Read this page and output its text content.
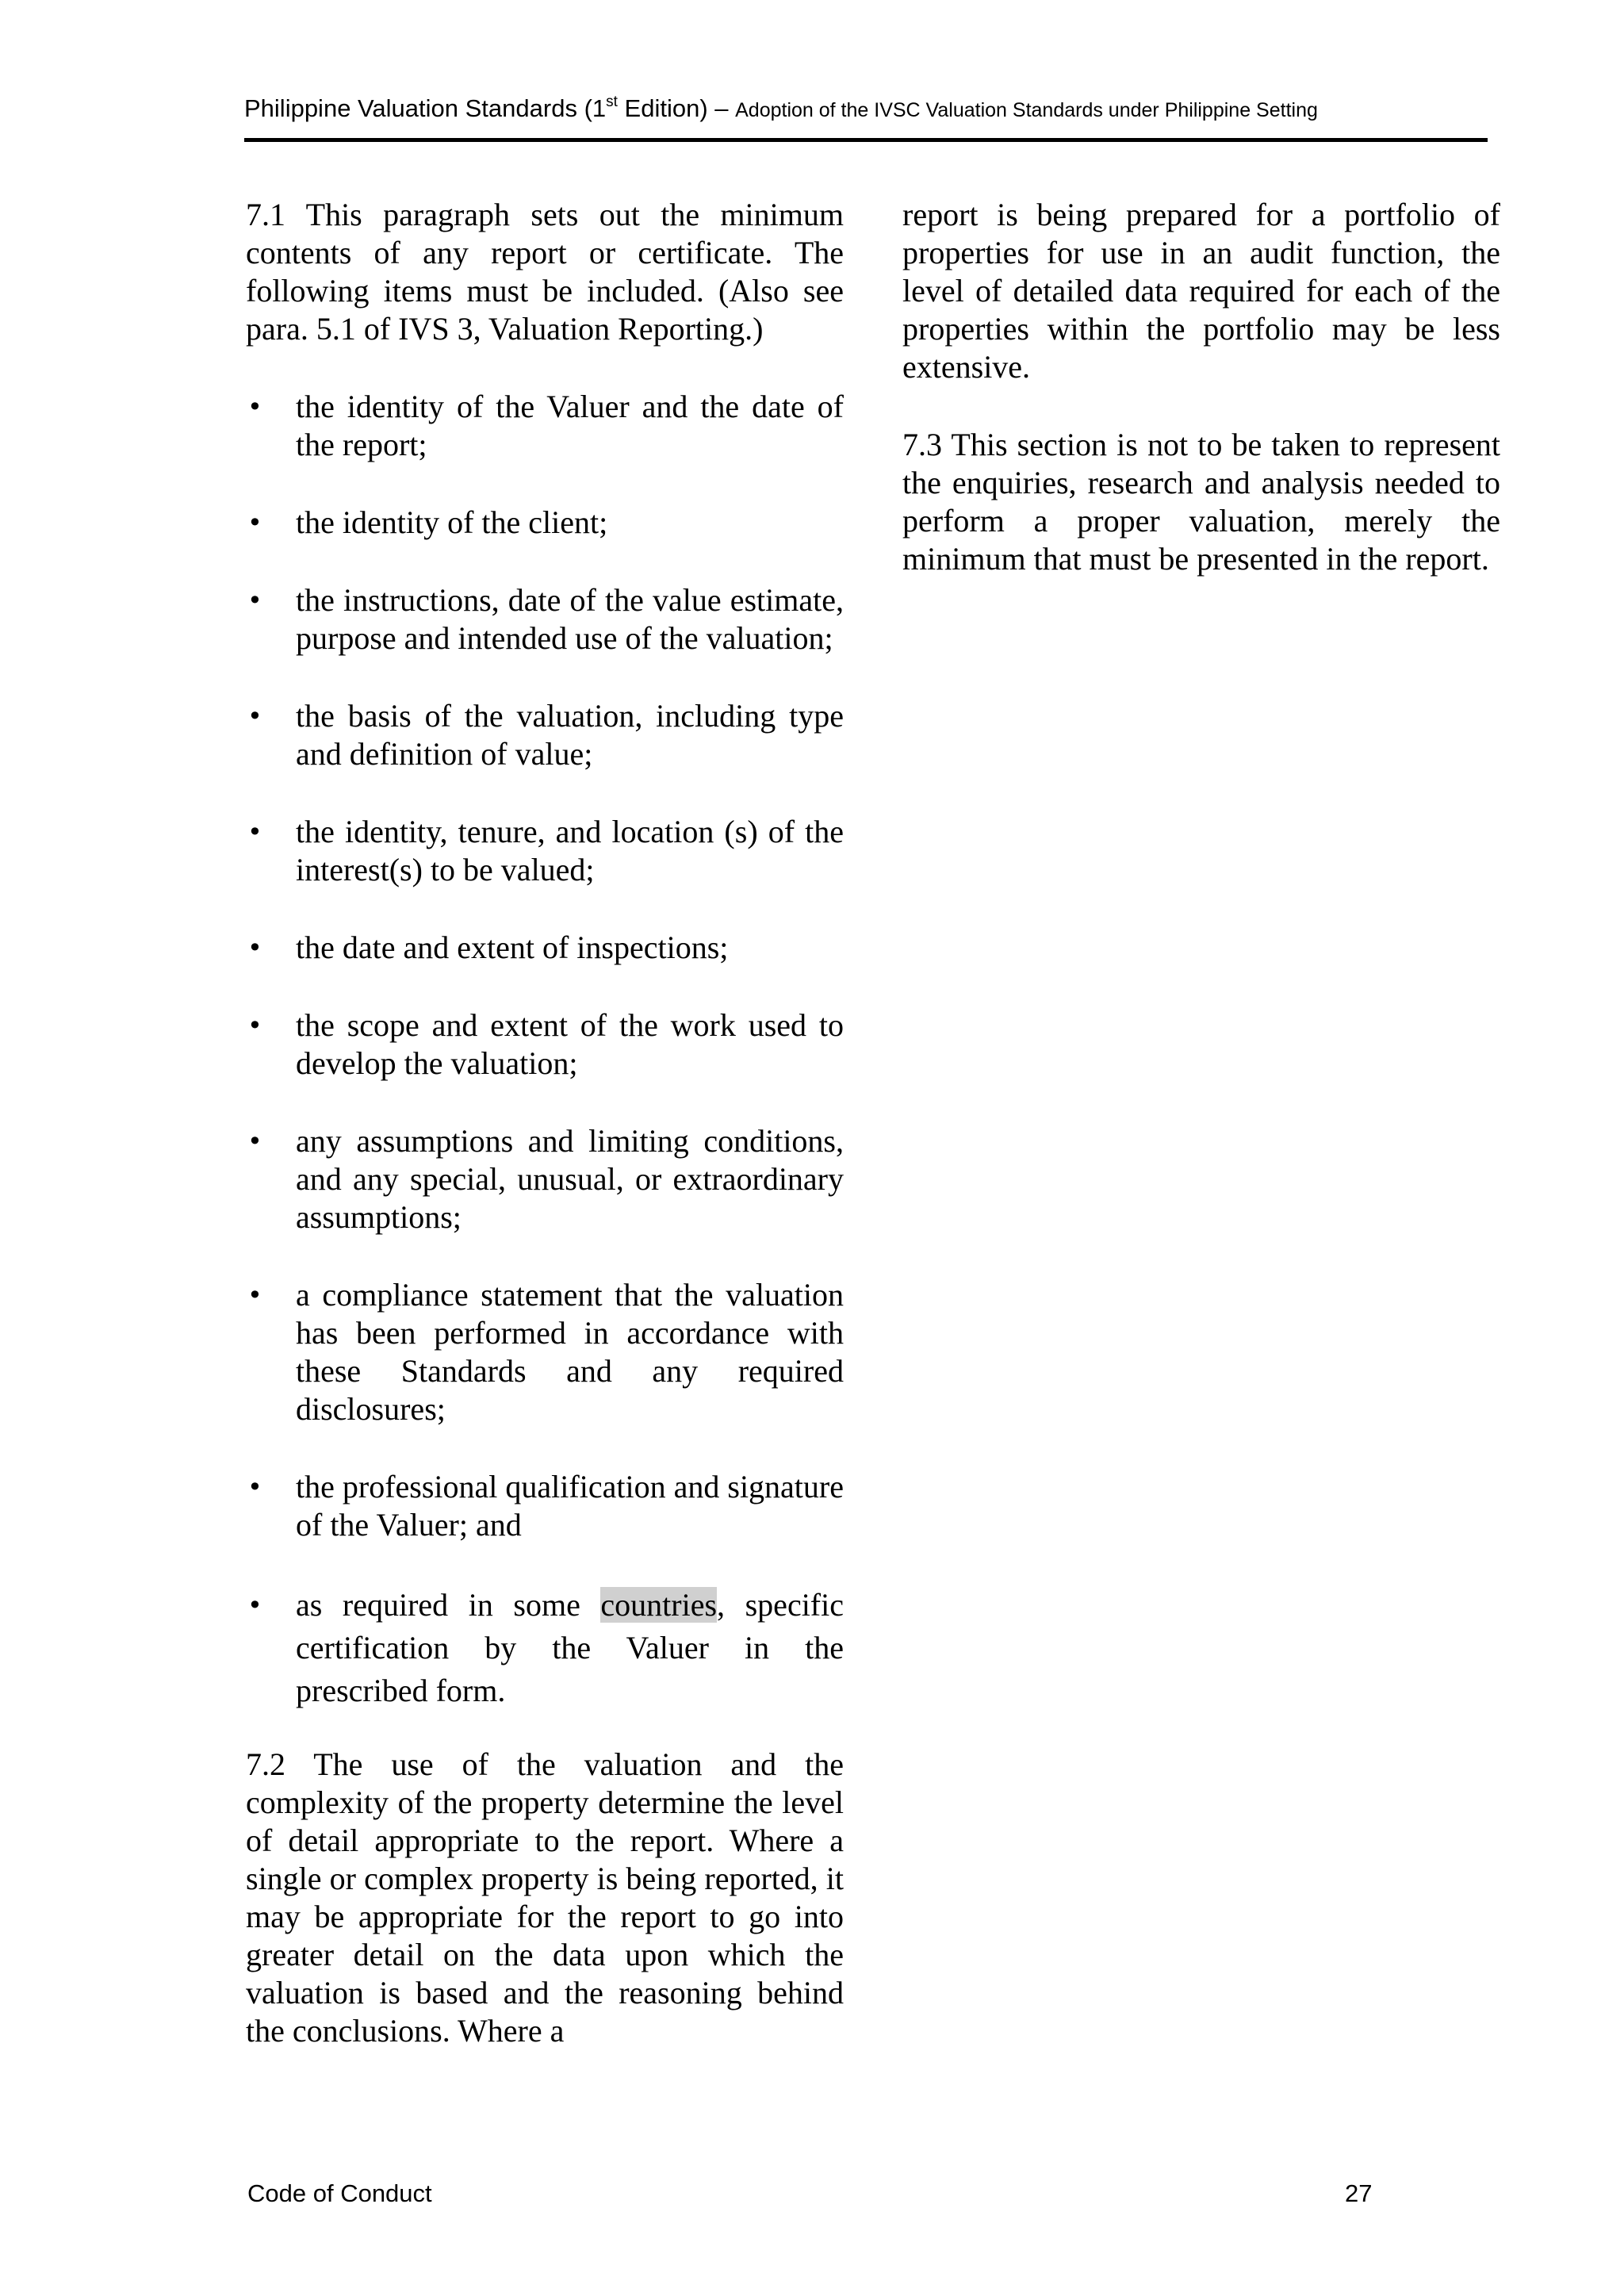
Philippine Valuation Standards (1st Edition) – Adoption of the IVSC Valuation Standards under Philippine Setting

7.1 This paragraph sets out the minimum contents of any report or certificate. The following items must be included. (Also see para. 5.1 of IVS 3, Valuation Reporting.)

• the identity of the Valuer and the date of the report;
• the identity of the client;
• the instructions, date of the value estimate, purpose and intended use of the valuation;
• the basis of the valuation, including type and definition of value;
• the identity, tenure, and location (s) of the interest(s) to be valued;
• the date and extent of inspections;
• the scope and extent of the work used to develop the valuation;
• any assumptions and limiting conditions, and any special, unusual, or extraordinary assumptions;
• a compliance statement that the valuation has been performed in accordance with these Standards and any required disclosures;
• the professional qualification and signature of the Valuer; and
• as required in some countries, specific certification by the Valuer in the prescribed form.

7.2 The use of the valuation and the complexity of the property determine the level of detail appropriate to the report. Where a single or complex property is being reported, it may be appropriate for the report to go into greater detail on the data upon which the valuation is based and the reasoning behind the conclusions. Where a

report is being prepared for a portfolio of properties for use in an audit function, the level of detailed data required for each of the properties within the portfolio may be less extensive.

7.3 This section is not to be taken to represent the enquiries, research and analysis needed to perform a proper valuation, merely the minimum that must be presented in the report.

Code of Conduct	27
